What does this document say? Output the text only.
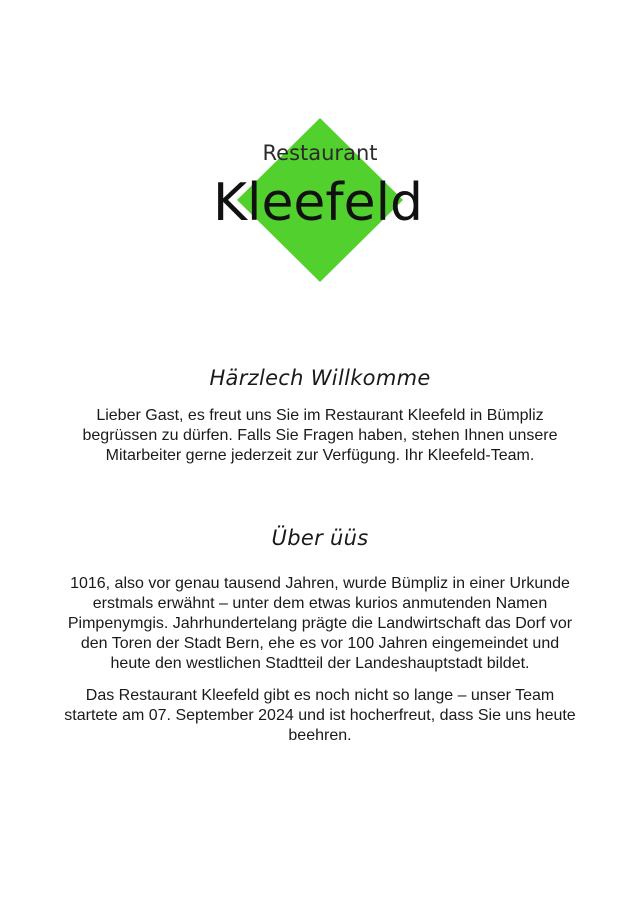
Restaurant
Kleefeld
Härzlech Willkomme

Lieber Gast, es freut uns Sie im Restaurant Kleefeld in Bümpliz begrüssen zu dürfen. Falls Sie Fragen haben, stehen Ihnen unsere Mitarbeiter gerne jederzeit zur Verfügung. Ihr Kleefeld-Team.

Über üüs

1016, also vor genau tausend Jahren, wurde Bümpliz in einer Urkunde erstmals erwähnt – unter dem etwas kurios anmutenden Namen Pimpenymgis. Jahrhundertelang prägte die Landwirtschaft das Dorf vor den Toren der Stadt Bern, ehe es vor 100 Jahren eingemeindet und heute den westlichen Stadtteil der Landeshauptstadt bildet.

Das Restaurant Kleefeld gibt es noch nicht so lange – unser Team startete am 07. September 2024 und ist hocherfreut, dass Sie uns heute beehren.
